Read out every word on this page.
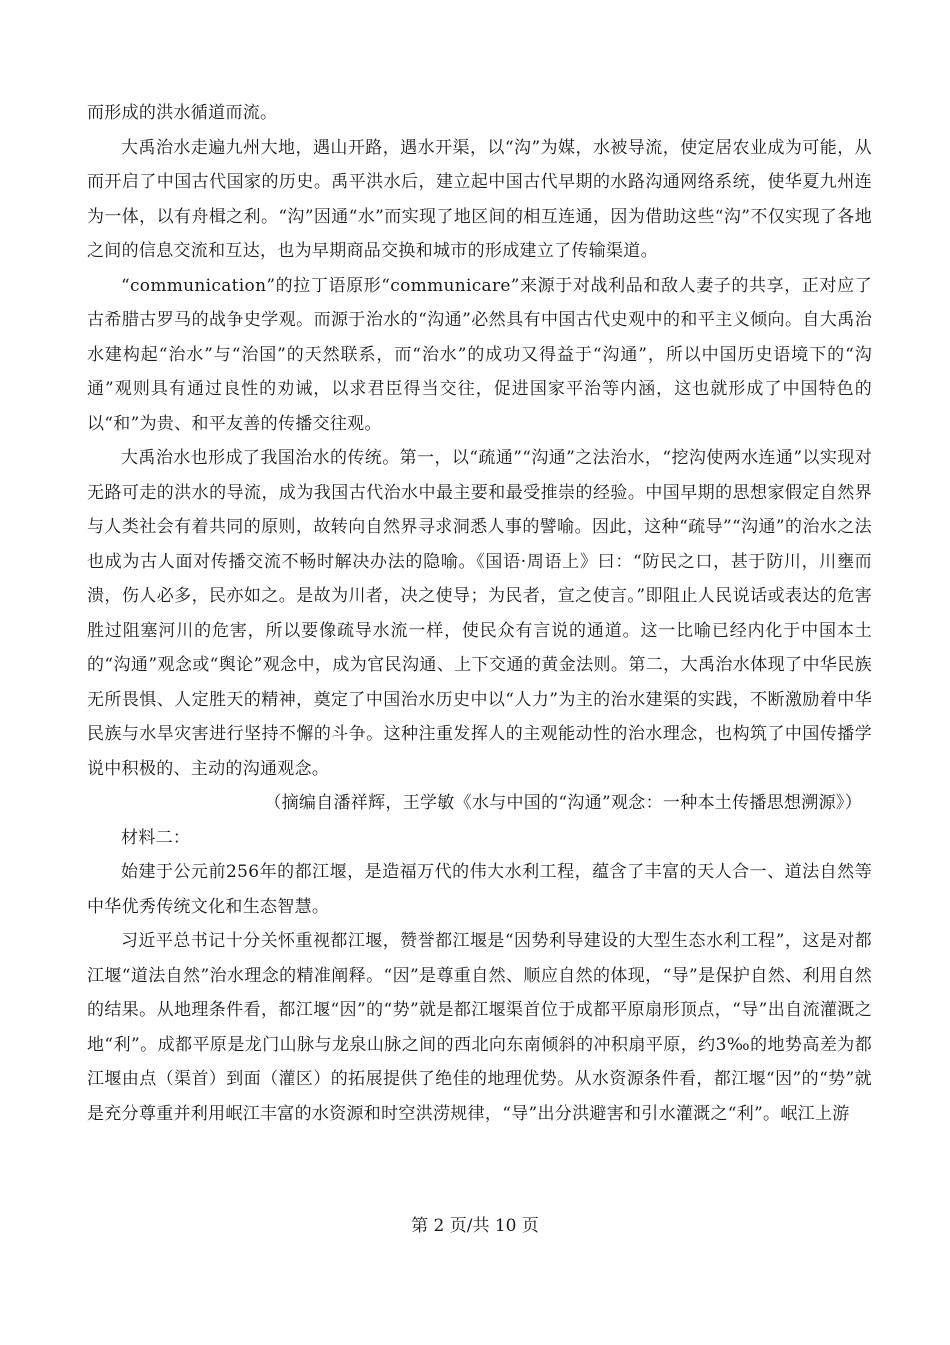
而形成的洪水循道而流。

大禹治水走遍九州大地，遇山开路，遇水开渠，以“沟”为媒，水被导流，使定居农业成为可能，从而开启了中国古代国家的历史。禹平洪水后，建立起中国古代早期的水路沟通网络系统，使华夏九州连为一体，以有舟楫之利。“沟”因通“水”而实现了地区间的相互连通，因为借助这些“沟”不仅实现了各地之间的信息交流和互达，也为早期商品交换和城市的形成建立了传输渠道。

“communication”的拉丁语原形“communicare”来源于对战利品和敌人妻子的共享，正对应了古希腊古罗马的战争史学观。而源于治水的“沟通”必然具有中国古代史观中的和平主义倾向。自大禹治水建构起“治水”与“治国”的天然联系，而“治水”的成功又得益于“沟通”，所以中国历史语境下的“沟通”观则具有通过良性的劝诫，以求君臣得当交往，促进国家平治等内涵，这也就形成了中国特色的以“和”为贵、和平友善的传播交往观。

大禹治水也形成了我国治水的传统。第一，以“疏通”“沟通”之法治水，“挖沟使两水连通”以实现对无路可走的洪水的导流，成为我国古代治水中最主要和最受推崇的经验。中国早期的思想家假定自然界与人类社会有着共同的原则，故转向自然界寻求洞悉人事的譬喻。因此，这种“疏导”“沟通”的治水之法也成为古人面对传播交流不畅时解决办法的隐喻。《国语·周语上》曰：“防民之口，甚于防川，川壅而溃，伤人必多，民亦如之。是故为川者，决之使导；为民者，宣之使言。”即阻止人民说话或表达的危害胜过阻塞河川的危害，所以要像疏导水流一样，使民众有言说的通道。这一比喻已经内化于中国本土的“沟通”观念或“舆论”观念中，成为官民沟通、上下交通的黄金法则。第二，大禹治水体现了中华民族无所畏惧、人定胜天的精神，奠定了中国治水历史中以“人力”为主的治水建渠的实践，不断激励着中华民族与水旱灾害进行坚持不懈的斗争。这种注重发挥人的主观能动性的治水理念，也构筑了中国传播学说中积极的、主动的沟通观念。

（摘编自潘祥辉，王学敏《水与中国的“沟通”观念：一种本土传播思想溯源》）

材料二：

始建于公元前256年的都江堰，是造福万代的伟大水利工程，蕴含了丰富的天人合一、道法自然等中华优秀传统文化和生态智慧。

习近平总书记十分关怀重视都江堰，赞誉都江堰是“因势利导建设的大型生态水利工程”，这是对都江堰“道法自然”治水理念的精准阐释。“因”是尊重自然、顺应自然的体现，“导”是保护自然、利用自然的结果。从地理条件看，都江堰“因”的“势”就是都江堰渠首位于成都平原扇形顶点，“导”出自流灌溉之地“利”。成都平原是龙门山脉与龙泉山脉之间的西北向东南倾斜的冲积扇平原，约3‰的地势高差为都江堰由点（渠首）到面（灌区）的拓展提供了绝佳的地理优势。从水资源条件看，都江堰“因”的“势”就是充分尊重并利用岷江丰富的水资源和时空洪涝规律，“导”出分洪避害和引水灌溉之“利”。岷江上游

第 2 页/共 10 页
